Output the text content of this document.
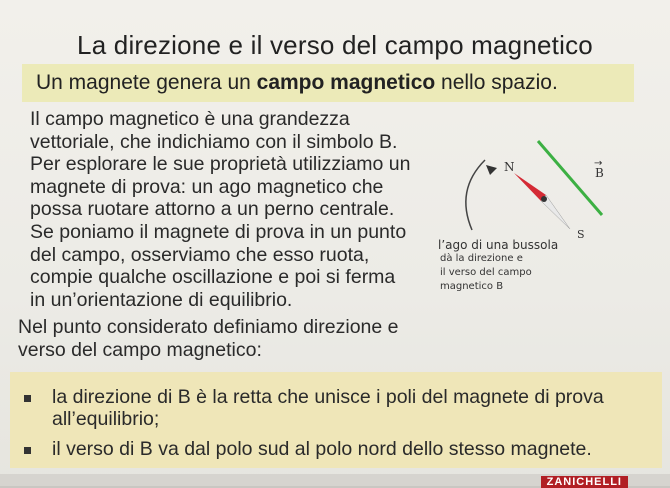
La direzione e il verso del campo magnetico
Un magnete genera un campo magnetico nello spazio.
Il campo magnetico è una grandezza
vettoriale, che indichiamo con il simbolo B.
Per esplorare le sue proprietà utilizziamo un
magnete di prova: un ago magnetico che
possa ruotare attorno a un perno centrale.
Se poniamo il magnete di prova in un punto
del campo, osserviamo che esso ruota,
compie qualche oscillazione e poi si ferma
in un’orientazione di equilibrio.
N	B
→
S
l’ago di una bussola
dà la direzione e
il verso del campo
magnetico B
Nel punto considerato definiamo direzione e
verso del campo magnetico:
la direzione di B è la retta che unisce i poli del magnete di prova all’equilibrio;
il verso di B va dal polo sud al polo nord dello stesso magnete.
ZANICHELLI
